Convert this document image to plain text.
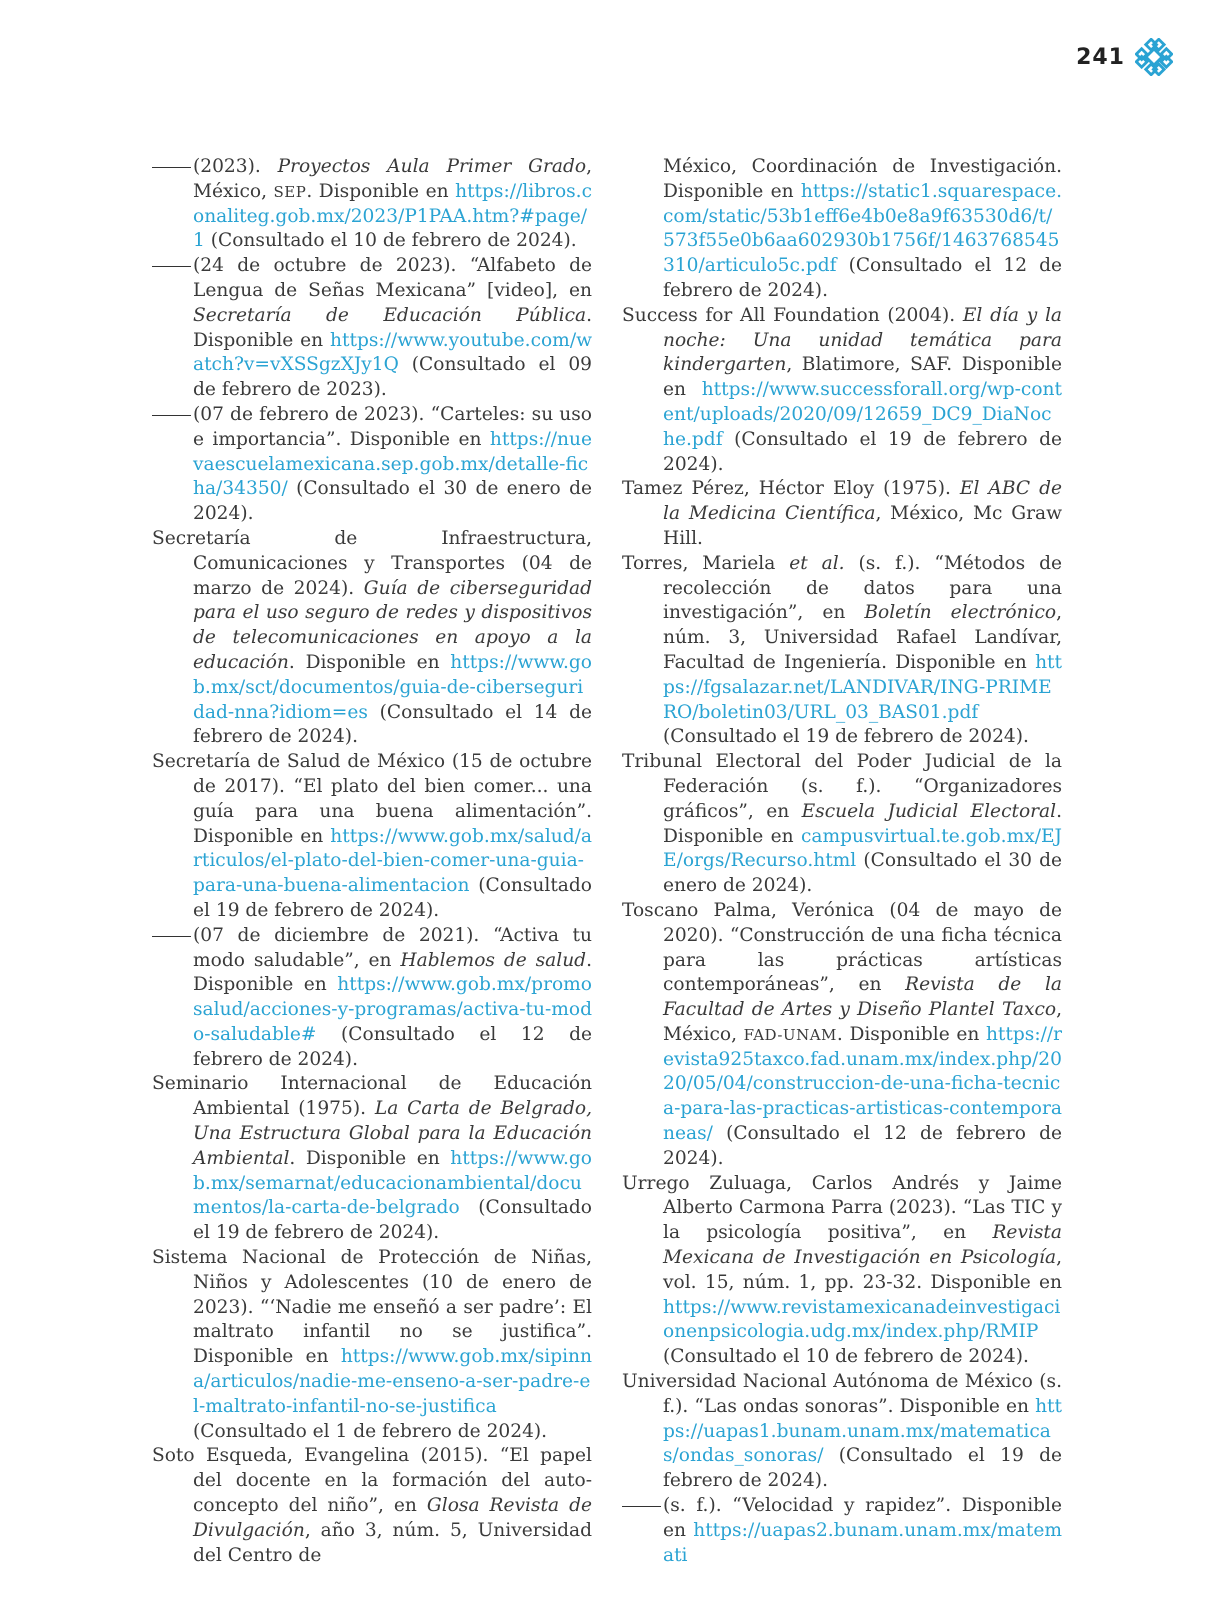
241

(2023). Proyectos Aula Primer Grado, México, SEP. Disponible en https://libros.conaliteg.gob.mx/2023/P1PAA.htm?#page/1 (Consultado el 10 de febrero de 2024).

(24 de octubre de 2023). “Alfabeto de Lengua de Señas Mexicana” [video], en Secretaría de Educación Pública. Disponible en https://www.youtube.com/watch?v=vXSSgzXJy1Q (Consultado el 09 de febrero de 2023).

(07 de febrero de 2023). “Carteles: su uso e importancia”. Disponible en https://nuevaescuelamexicana.sep.gob.mx/detalle-ficha/34350/ (Consultado el 30 de enero de 2024).

Secretaría de Infraestructura, Comunicaciones y Transportes (04 de marzo de 2024). Guía de ciberseguridad para el uso seguro de redes y dispositivos de telecomunicaciones en apoyo a la educación. Disponible en https://www.gob.mx/sct/documentos/guia-de-ciberseguridad-nna?idiom=es (Consultado el 14 de febrero de 2024).

Secretaría de Salud de México (15 de octubre de 2017). “El plato del bien comer... una guía para una buena alimentación”. Disponible en https://www.gob.mx/salud/articulos/el-plato-del-bien-comer-una-guia-para-una-buena-alimentacion (Consultado el 19 de febrero de 2024).

(07 de diciembre de 2021). “Activa tu modo saludable”, en Hablemos de salud. Disponible en https://www.gob.mx/promosalud/acciones-y-programas/activa-tu-modo-saludable# (Consultado el 12 de febrero de 2024).

Seminario Internacional de Educación Ambiental (1975). La Carta de Belgrado, Una Estructura Global para la Educación Ambiental. Disponible en https://www.gob.mx/semarnat/educacionambiental/documentos/la-carta-de-belgrado (Consultado el 19 de febrero de 2024).

Sistema Nacional de Protección de Niñas, Niños y Adolescentes (10 de enero de 2023). “‘Nadie me enseñó a ser padre’: El maltrato infantil no se justifica”. Disponible en https://www.gob.mx/sipinna/articulos/nadie-me-enseno-a-ser-padre-el-maltrato-infantil-no-se-justifica (Consultado el 1 de febrero de 2024).

Soto Esqueda, Evangelina (2015). “El papel del docente en la formación del auto-concepto del niño”, en Glosa Revista de Divulgación, año 3, núm. 5, Universidad del Centro de

México, Coordinación de Investigación. Disponible en https://static1.squarespace.com/static/53b1eff6e4b0e8a9f63530d6/t/573f55e0b6aa602930b1756f/1463768545310/articulo5c.pdf (Consultado el 12 de febrero de 2024).

Success for All Foundation (2004). El día y la noche: Una unidad temática para kindergarten, Blatimore, SAF. Disponible en https://www.successforall.org/wp-content/uploads/2020/09/12659_DC9_DiaNoche.pdf (Consultado el 19 de febrero de 2024).

Tamez Pérez, Héctor Eloy (1975). El ABC de la Medicina Científica, México, Mc Graw Hill.

Torres, Mariela et al. (s. f.). “Métodos de recolección de datos para una investigación”, en Boletín electrónico, núm. 3, Universidad Rafael Landívar, Facultad de Ingeniería. Disponible en https://fgsalazar.net/LANDIVAR/ING-PRIMERO/boletin03/URL_03_BAS01.pdf (Consultado el 19 de febrero de 2024).

Tribunal Electoral del Poder Judicial de la Federación (s. f.). “Organizadores gráficos”, en Escuela Judicial Electoral. Disponible en campusvirtual.te.gob.mx/EJE/orgs/Recurso.html (Consultado el 30 de enero de 2024).

Toscano Palma, Verónica (04 de mayo de 2020). “Construcción de una ficha técnica para las prácticas artísticas contemporáneas”, en Revista de la Facultad de Artes y Diseño Plantel Taxco, México, FAD-UNAM. Disponible en https://revista925taxco.fad.unam.mx/index.php/2020/05/04/construccion-de-una-ficha-tecnica-para-las-practicas-artisticas-contemporaneas/ (Consultado el 12 de febrero de 2024).

Urrego Zuluaga, Carlos Andrés y Jaime Alberto Carmona Parra (2023). “Las TIC y la psicología positiva”, en Revista Mexicana de Investigación en Psicología, vol. 15, núm. 1, pp. 23-32. Disponible en https://www.revistamexicanadeinvestigacionenpsicologia.udg.mx/index.php/RMIP (Consultado el 10 de febrero de 2024).

Universidad Nacional Autónoma de México (s. f.). “Las ondas sonoras”. Disponible en https://uapas1.bunam.unam.mx/matematicas/ondas_sonoras/ (Consultado el 19 de febrero de 2024).

(s. f.). “Velocidad y rapidez”. Disponible en https://uapas2.bunam.unam.mx/matemati
